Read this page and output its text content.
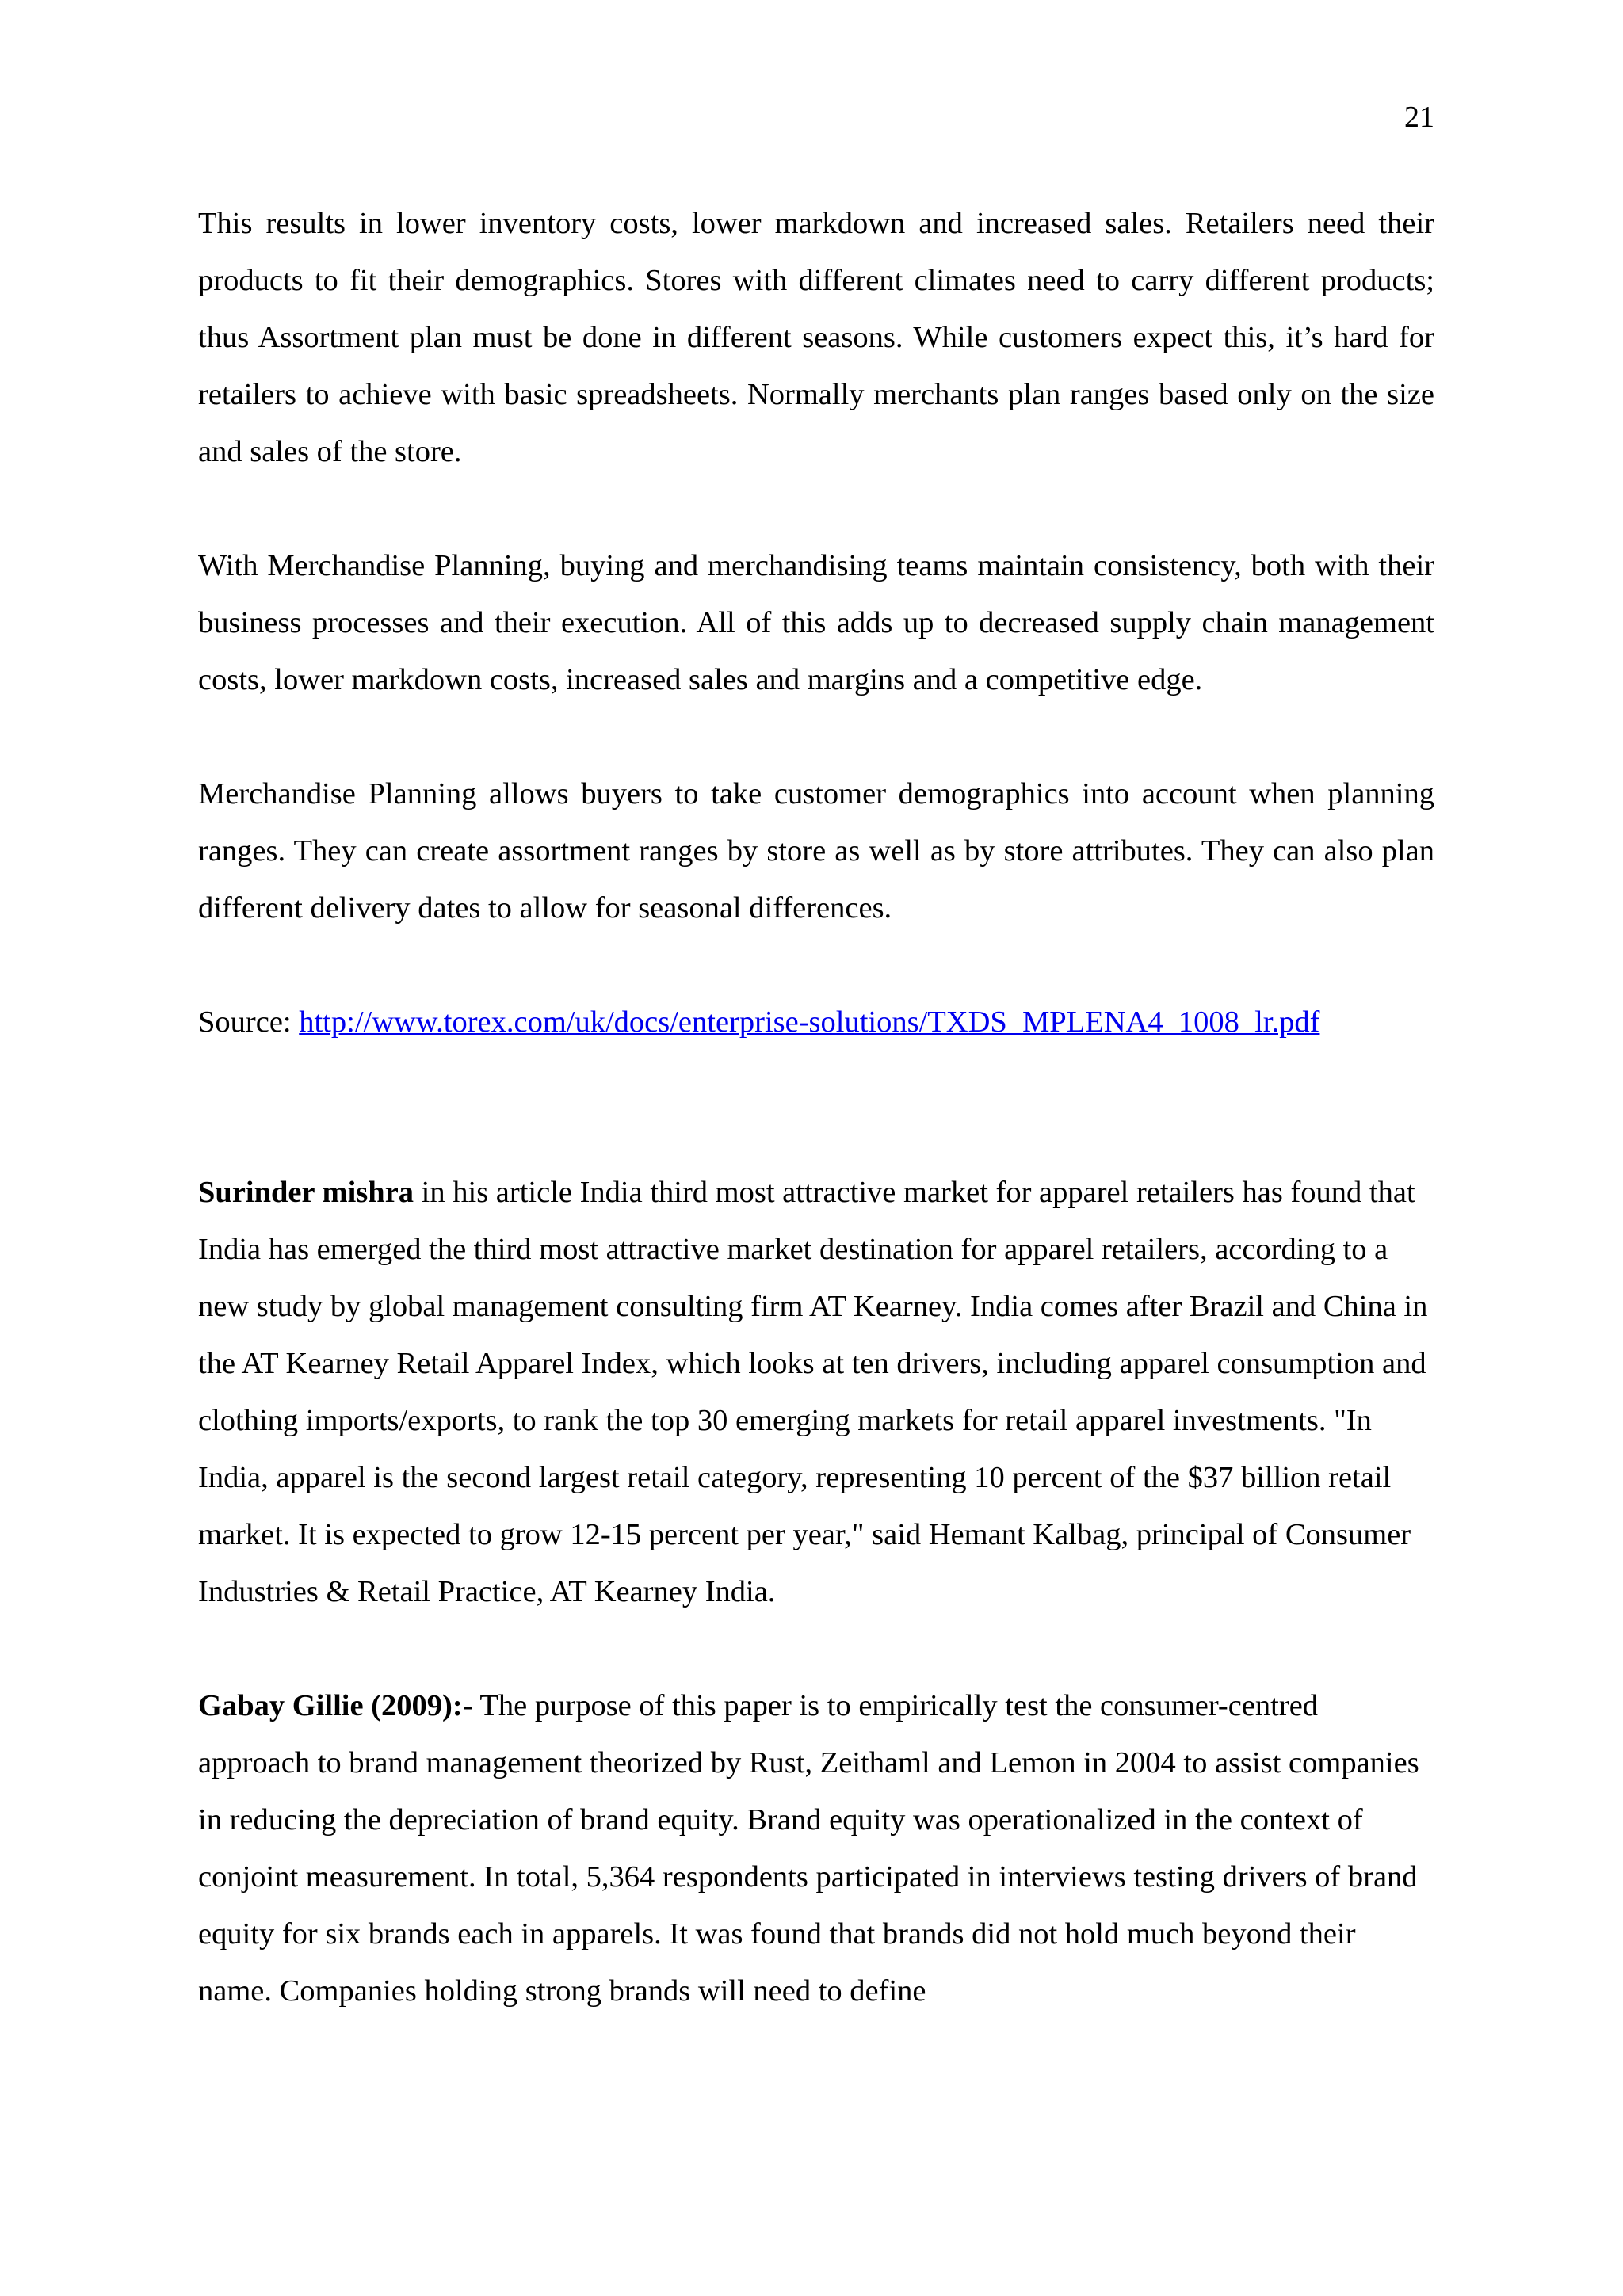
21

This results in lower inventory costs, lower markdown and increased sales. Retailers need their products to fit their demographics. Stores with different climates need to carry different products; thus Assortment plan must be done in different seasons. While customers expect this, it’s hard for retailers to achieve with basic spreadsheets. Normally merchants plan ranges based only on the size and sales of the store.

With Merchandise Planning, buying and merchandising teams maintain consistency, both with their business processes and their execution. All of this adds up to decreased supply chain management costs, lower markdown costs, increased sales and margins and a competitive edge.

Merchandise Planning allows buyers to take customer demographics into account when planning ranges. They can create assortment ranges by store as well as by store attributes. They can also plan different delivery dates to allow for seasonal differences.

Source: http://www.torex.com/uk/docs/enterprise-solutions/TXDS_MPLENA4_1008_lr.pdf

Surinder mishra in his article India third most attractive market for apparel retailers has found that India has emerged the third most attractive market destination for apparel retailers, according to a new study by global management consulting firm AT Kearney. India comes after Brazil and China in the AT Kearney Retail Apparel Index, which looks at ten drivers, including apparel consumption and clothing imports/exports, to rank the top 30 emerging markets for retail apparel investments. "In India, apparel is the second largest retail category, representing 10 percent of the $37 billion retail market. It is expected to grow 12-15 percent per year," said Hemant Kalbag, principal of Consumer Industries & Retail Practice, AT Kearney India.

Gabay Gillie (2009):- The purpose of this paper is to empirically test the consumer-centred approach to brand management theorized by Rust, Zeithaml and Lemon in 2004 to assist companies in reducing the depreciation of brand equity. Brand equity was operationalized in the context of conjoint measurement. In total, 5,364 respondents participated in interviews testing drivers of brand equity for six brands each in apparels. It was found that brands did not hold much beyond their name. Companies holding strong brands will need to define
